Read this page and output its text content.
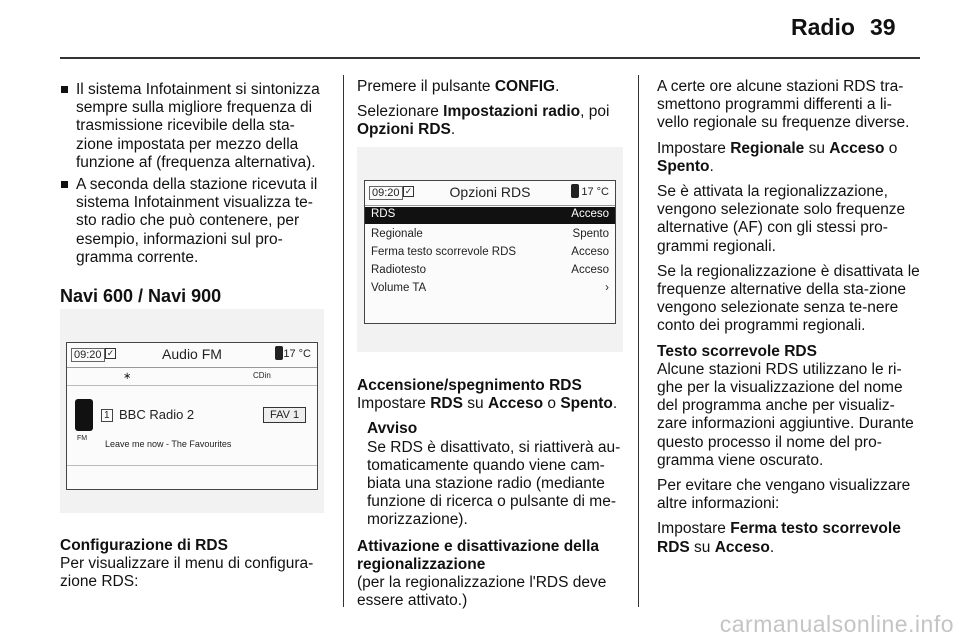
Radio 39
Il sistema Infotainment si sintonizza sempre sulla migliore frequenza di trasmissione ricevibile della sta-zione impostata per mezzo della funzione af (frequenza alternativa).
A seconda della stazione ricevuta il sistema Infotainment visualizza te-sto radio che può contenere, per esempio, informazioni sul pro-gramma corrente.
Navi 600 / Navi 900
09:20 ✓	Audio FM	17 °C
∗	CDin
1 BBC Radio 2	FAV 1
FM
Leave me now - The Favourites
Configurazione di RDS
Per visualizzare il menu di configura-zione RDS:

Premere il pulsante CONFIG.

Selezionare Impostazioni radio, poi
Opzioni RDS.

09:20 ✓	Opzioni RDS	17 °C
RDS	Acceso
Regionale	Spento
Ferma testo scorrevole RDS	Acceso
Radiotesto	Acceso
Volume TA	›
Accensione/spegnimento RDS

Impostare RDS su Acceso o Spento.

Avviso
Se RDS è disattivato, si riattiverà au-tomaticamente quando viene cam-biata una stazione radio (mediante funzione di ricerca o pulsante di me-morizzazione).
Attivazione e disattivazione della regionalizzazione
(per la regionalizzazione l'RDS deve essere attivato.)

A certe ore alcune stazioni RDS tra-smettono programmi differenti a li-vello regionale su frequenze diverse.

Impostare Regionale su Acceso o
Spento.

Se è attivata la regionalizzazione, vengono selezionate solo frequenze alternative (AF) con gli stessi pro-grammi regionali.

Se la regionalizzazione è disattivata le frequenze alternative della sta-zione vengono selezionate senza te-nere conto dei programmi regionali.

Testo scorrevole RDS

Alcune stazioni RDS utilizzano le ri-ghe per la visualizzazione del nome del programma anche per visualiz-zare informazioni aggiuntive. Durante questo processo il nome del pro-gramma viene oscurato.

Per evitare che vengano visualizzare altre informazioni:

Impostare Ferma testo scorrevole RDS su Acceso.

carmanualsonline.info
